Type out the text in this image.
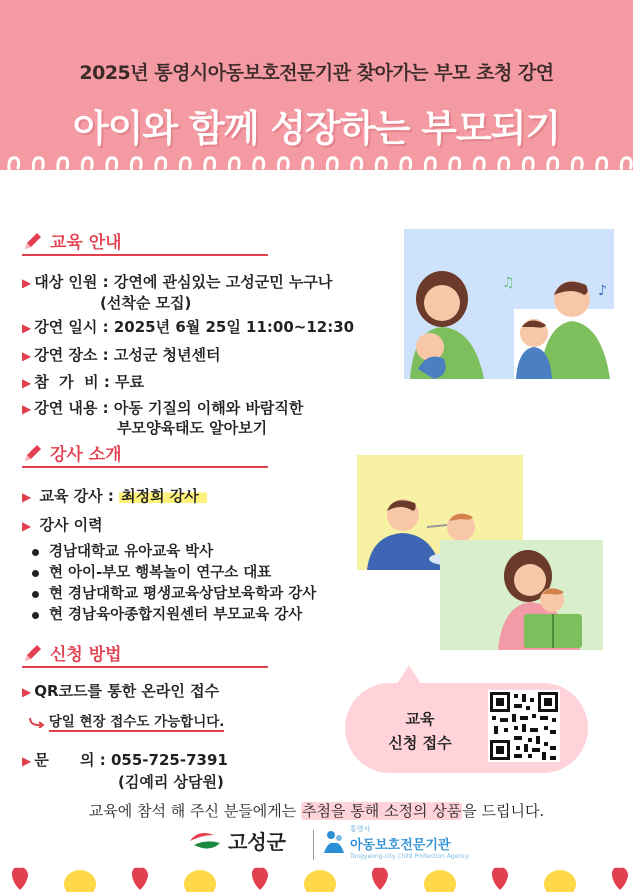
2025년 통영시아동보호전문기관 찾아가는 부모 초청 강연
아이와 함께 성장하는 부모되기
교육 안내
▶ 대상 인원 : 강연에 관심있는 고성군민 누구나
(선착순 모집)
▶ 강연 일시 : 2025년 6월 25일 11:00~12:30
▶ 강연 장소 : 고성군 청년센터
▶ 참  가  비 : 무료
▶ 강연 내용 : 아동 기질의 이해와 바람직한
부모양육태도 알아보기
♫	♪
강사 소개
▶ 교육 강사 : 최정희 강사
▶ 강사 이력
경남대학교 유아교육 박사
현 아이-부모 행복놀이 연구소 대표
현 경남대학교 평생교육상담보육학과 강사
현 경남육아종합지원센터 부모교육 강사
신청 방법
▶ QR코드를 통한 온라인 접수
당일 현장 접수도 가능합니다.
▶ 문      의 : 055-725-7391
(김예리 상담원)
교육
신청 접수
교육에 참석 해 주신 분들에게는 추첨을 통해 소정의 상품을 드립니다.
고성군
통영시
아동보호전문기관
Tongyeong-city Child Protection Agency
